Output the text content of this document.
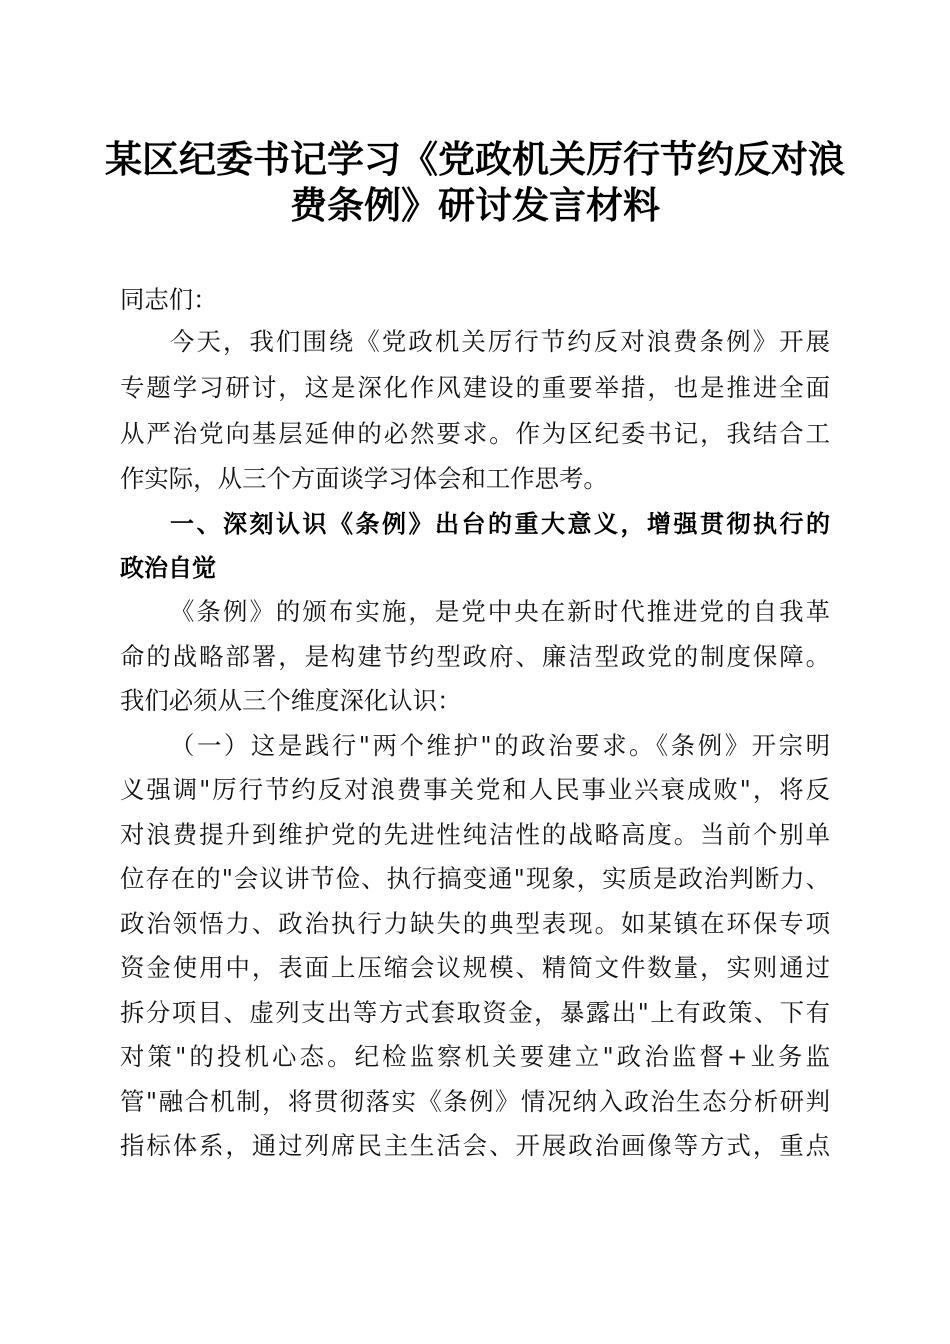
某区纪委书记学习《党政机关厉行节约反对浪
费条例》研讨发言材料
同志们：
今天，我们围绕《党政机关厉行节约反对浪费条例》开展
专题学习研讨，这是深化作风建设的重要举措，也是推进全面
从严治党向基层延伸的必然要求。作为区纪委书记，我结合工
作实际，从三个方面谈学习体会和工作思考。
一、深刻认识《条例》出台的重大意义，增强贯彻执行的
政治自觉
《条例》的颁布实施，是党中央在新时代推进党的自我革
命的战略部署，是构建节约型政府、廉洁型政党的制度保障。
我们必须从三个维度深化认识：
（一）这是践行"两个维护"的政治要求。《条例》开宗明
义强调"厉行节约反对浪费事关党和人民事业兴衰成败"，将反
对浪费提升到维护党的先进性纯洁性的战略高度。当前个别单
位存在的"会议讲节俭、执行搞变通"现象，实质是政治判断力、
政治领悟力、政治执行力缺失的典型表现。如某镇在环保专项
资金使用中，表面上压缩会议规模、精简文件数量，实则通过
拆分项目、虚列支出等方式套取资金，暴露出"上有政策、下有
对策"的投机心态。纪检监察机关要建立"政治监督+业务监
管"融合机制，将贯彻落实《条例》情况纳入政治生态分析研判
指标体系，通过列席民主生活会、开展政治画像等方式，重点
